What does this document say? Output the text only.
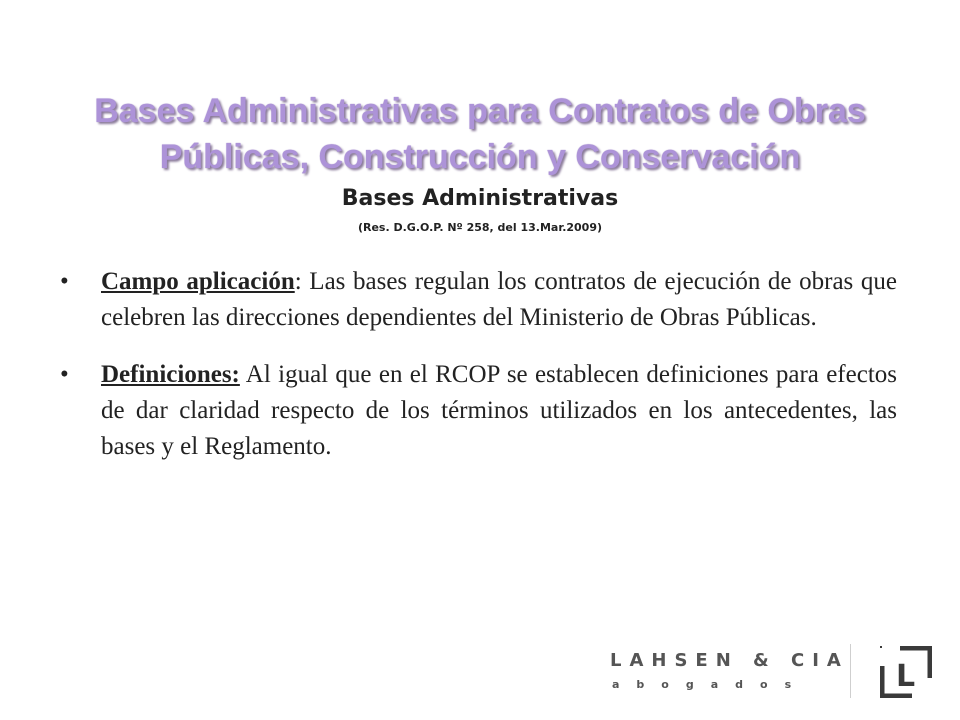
Bases Administrativas para Contratos de Obras
Públicas, Construcción y Conservación
Bases Administrativas

(Res. D.G.O.P. Nº 258, del 13.Mar.2009)

• Campo aplicación: Las bases regulan los contratos de ejecución de obras que celebren las direcciones dependientes del Ministerio de Obras Públicas.
• Definiciones: Al igual que en el RCOP se establecen definiciones para efectos de dar claridad respecto de los términos utilizados en los antecedentes, las bases y el Reglamento.
LAHSEN & CIA
abogados	L
